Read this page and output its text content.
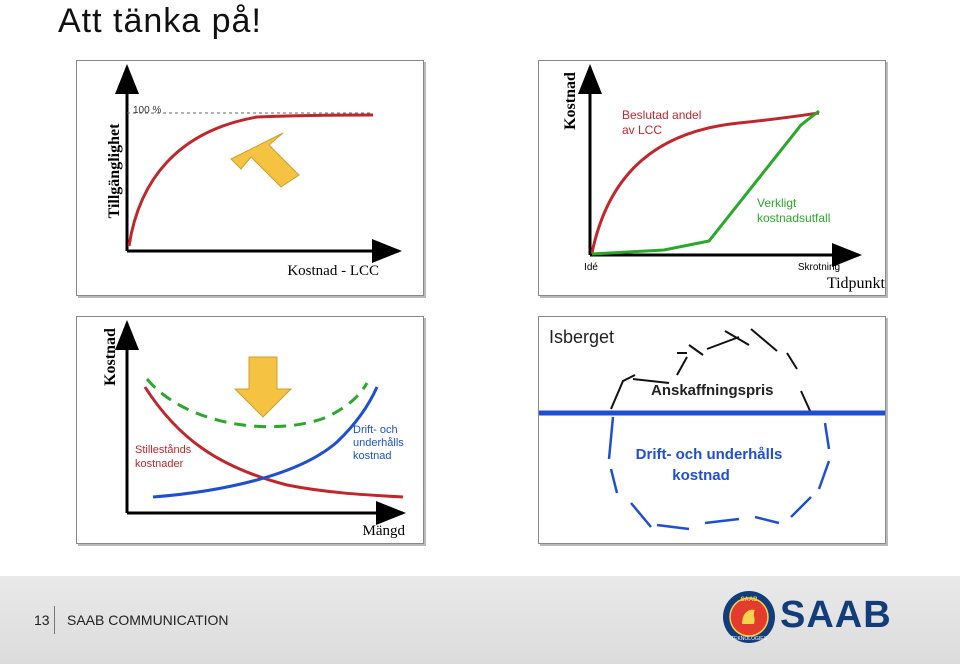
Att tänka på!
Tillgänglighet
100 %
Kostnad - LCC
Kostnad	Beslutad andel
av LCC
Verkligt
kostnadsutfall
Idé	Skrotning
Tidpunkt
Kostnad
Stillestånds
kostnader
Drift- och
underhålls
kostnad
Mängd
Isberget
Anskaffningspris
Drift- och underhålls
kostnad
13 SAAB COMMUNICATION
SAAB
TEKNOLOGIES
SAAB
